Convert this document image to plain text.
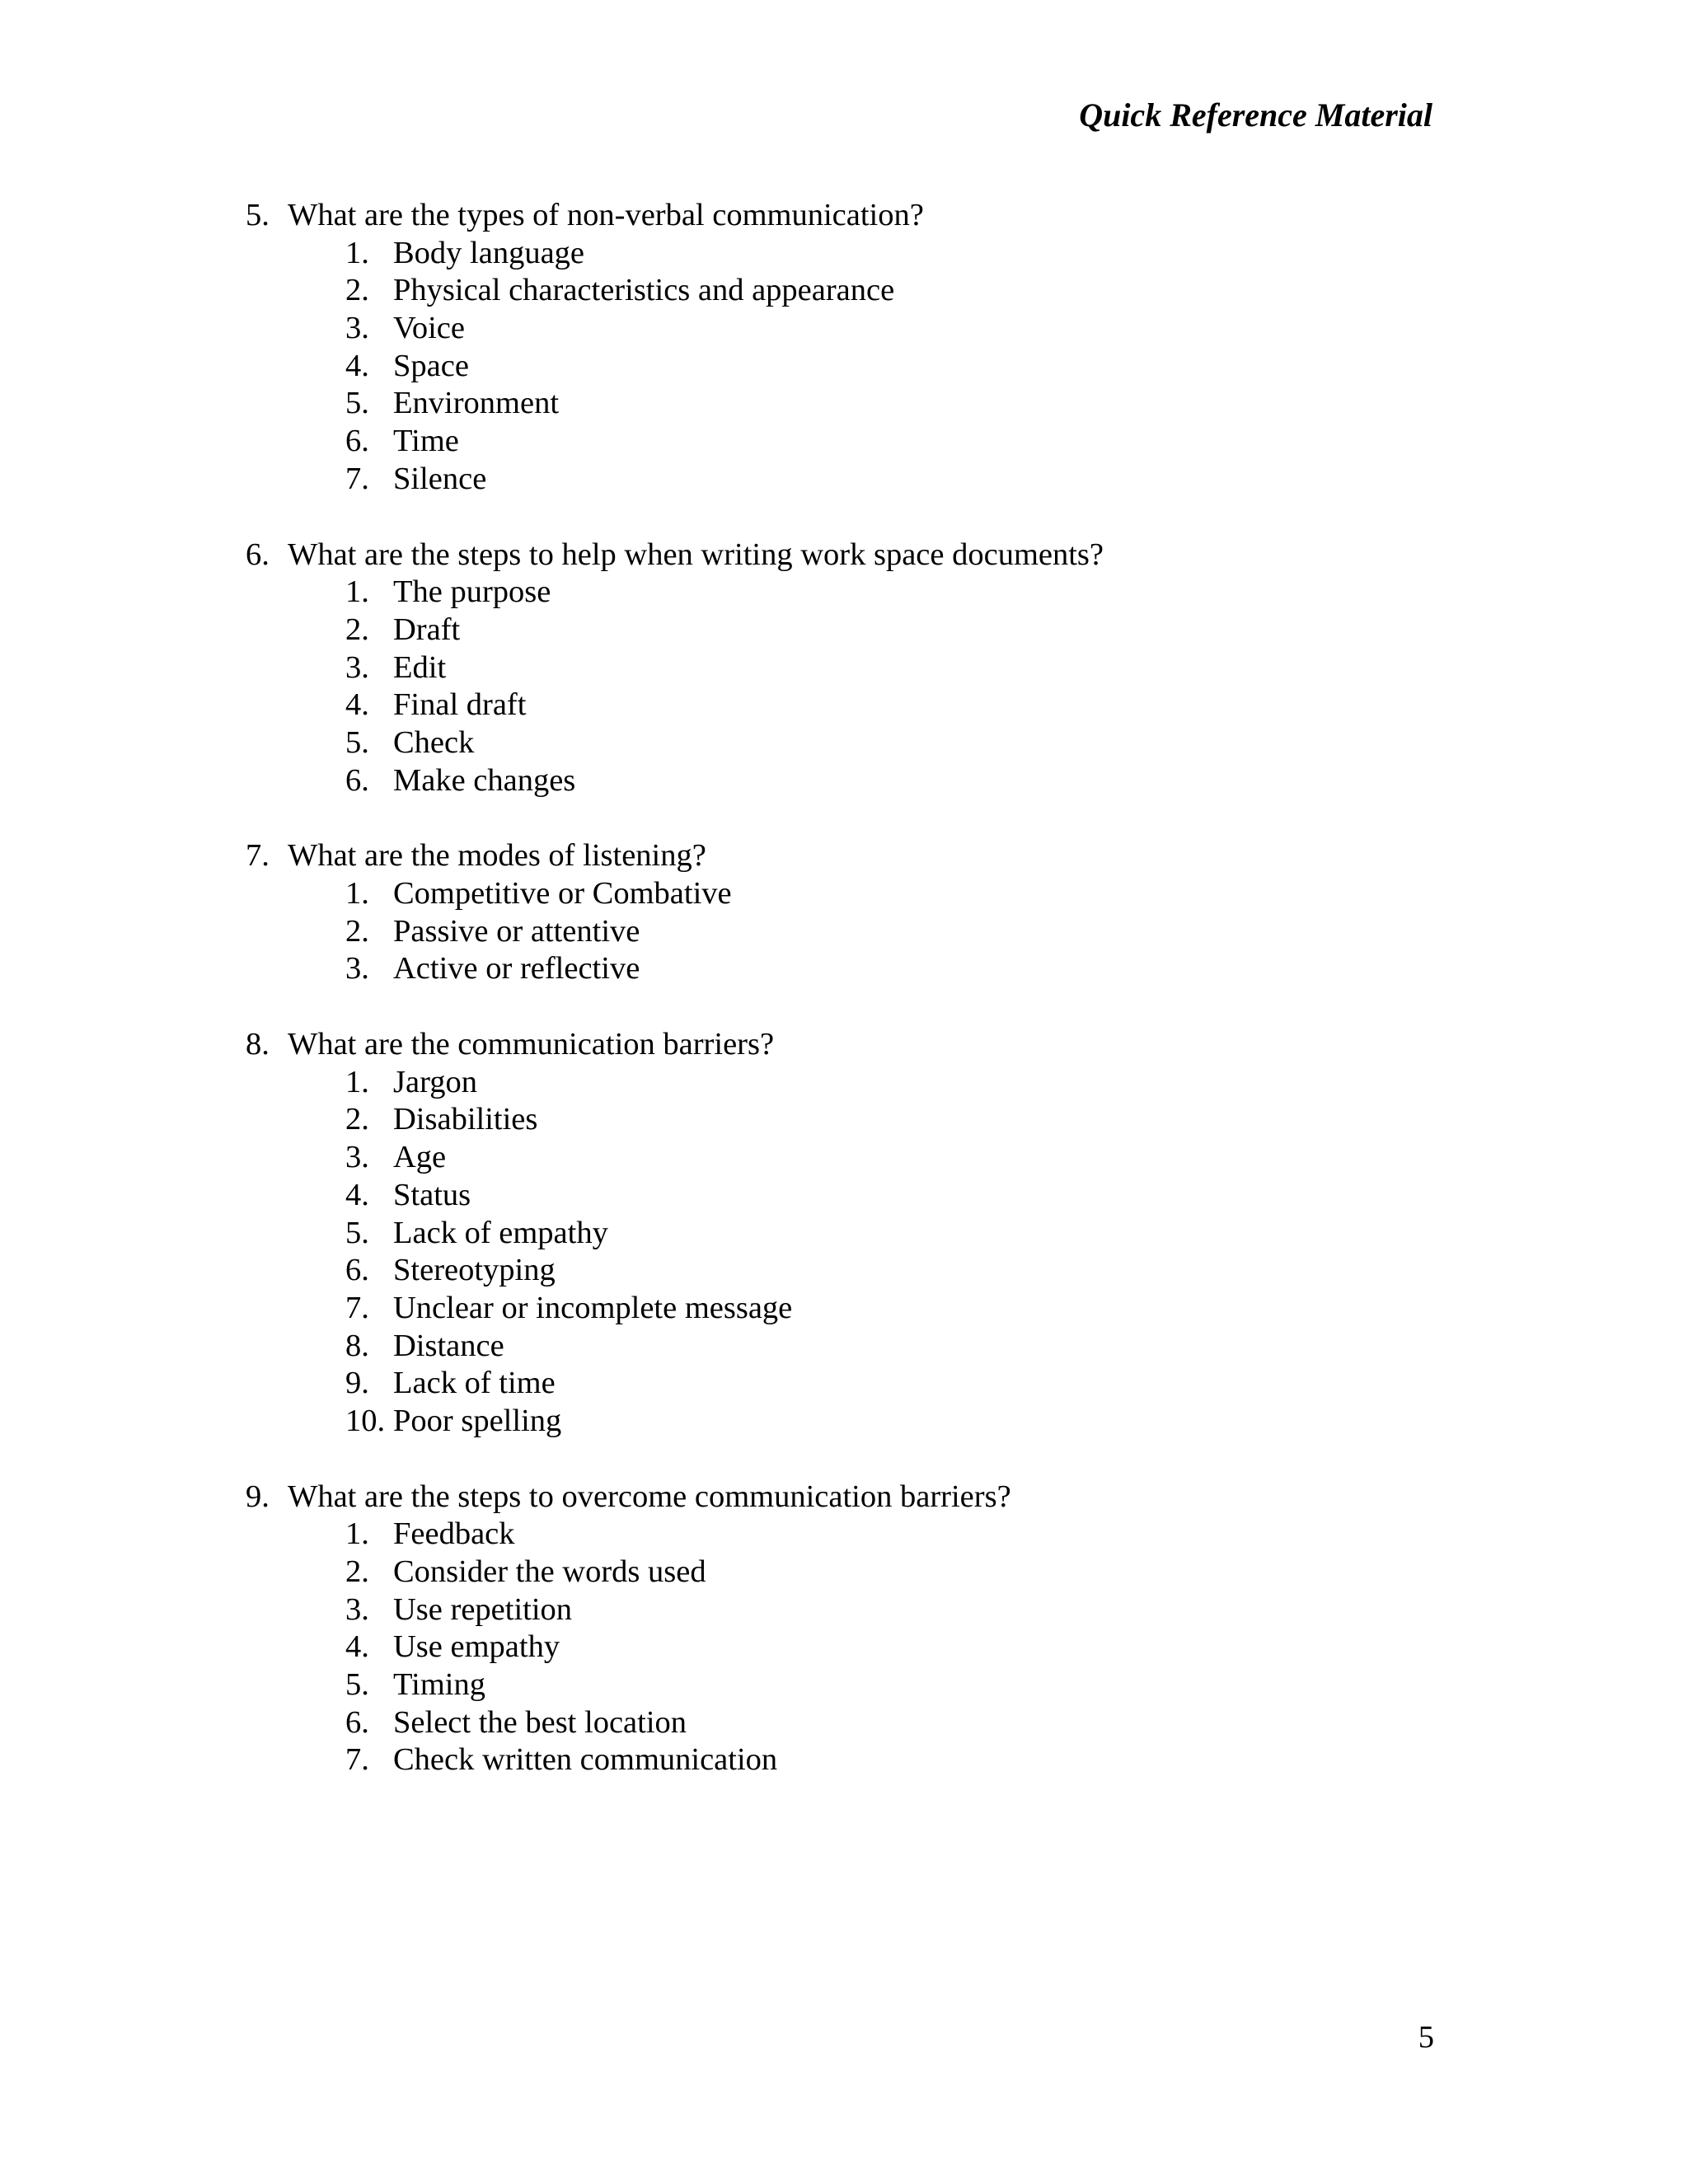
Quick Reference Material
5. What are the types of non-verbal communication?
1. Body language
2. Physical characteristics and appearance
3. Voice
4. Space
5. Environment
6. Time
7. Silence
6. What are the steps to help when writing work space documents?
1. The purpose
2. Draft
3. Edit
4. Final draft
5. Check
6. Make changes
7. What are the modes of listening?
1. Competitive or Combative
2. Passive or attentive
3. Active or reflective
8. What are the communication barriers?
1. Jargon
2. Disabilities
3. Age
4. Status
5. Lack of empathy
6. Stereotyping
7. Unclear or incomplete message
8. Distance
9. Lack of time
10. Poor spelling
9. What are the steps to overcome communication barriers?
1. Feedback
2. Consider the words used
3. Use repetition
4. Use empathy
5. Timing
6. Select the best location
7. Check written communication
5
